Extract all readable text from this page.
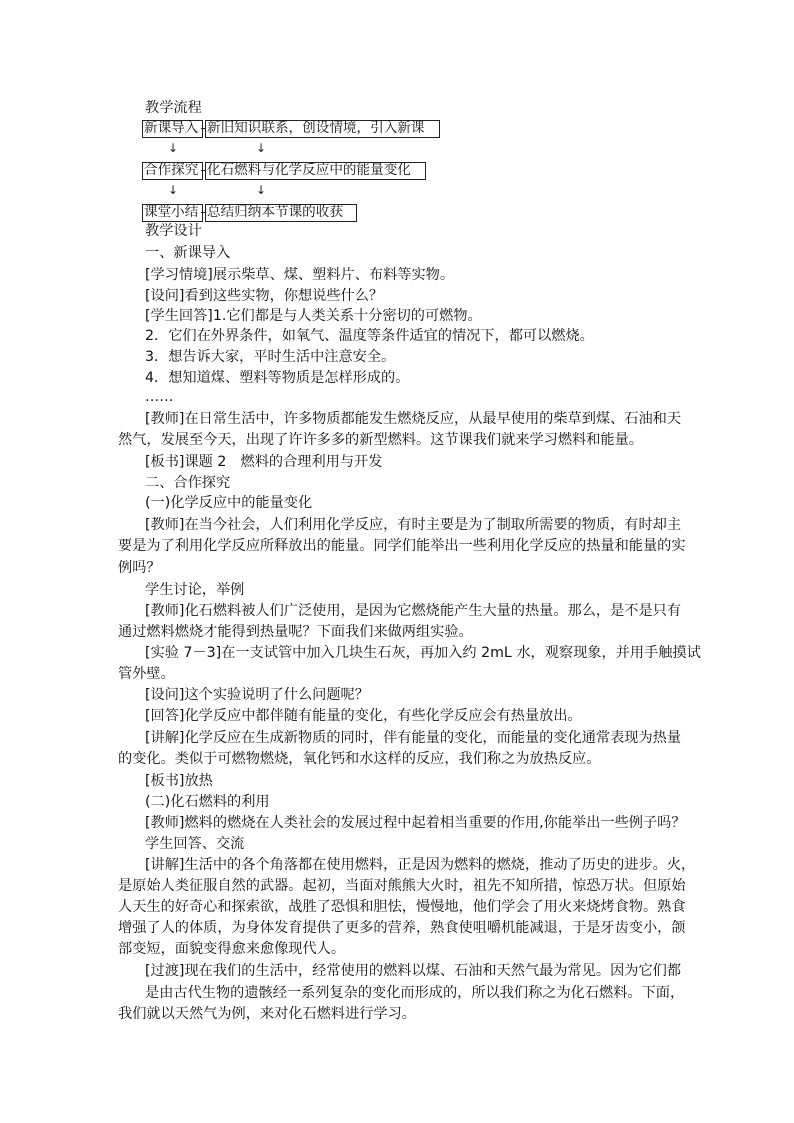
教学流程

新课导入 新旧知识联系，创设情境，引入新课
↓	↓
合作探究 化石燃料与化学反应中的能量变化
↓	↓
课堂小结 总结归纳本节课的收获

教学设计

一、新课导入

[学习情境]展示柴草、煤、塑料片、布料等实物。

[设问]看到这些实物，你想说些什么？

[学生回答]1.它们都是与人类关系十分密切的可燃物。

2．它们在外界条件，如氧气、温度等条件适宜的情况下，都可以燃烧。

3．想告诉大家，平时生活中注意安全。

4．想知道煤、塑料等物质是怎样形成的。

……

[教师]在日常生活中，许多物质都能发生燃烧反应，从最早使用的柴草到煤、石油和天

然气，发展至今天，出现了许许多多的新型燃料。这节课我们就来学习燃料和能量。

[板书]课题 2　燃料的合理利用与开发

二、合作探究

(一)化学反应中的能量变化

[教师]在当今社会，人们利用化学反应，有时主要是为了制取所需要的物质，有时却主

要是为了利用化学反应所释放出的能量。同学们能举出一些利用化学反应的热量和能量的实

例吗？

学生讨论，举例

[教师]化石燃料被人们广泛使用，是因为它燃烧能产生大量的热量。那么，是不是只有

通过燃料燃烧才能得到热量呢？下面我们来做两组实验。

[实验 7－3]在一支试管中加入几块生石灰，再加入约 2mL 水，观察现象，并用手触摸试

管外壁。

[设问]这个实验说明了什么问题呢？

[回答]化学反应中都伴随有能量的变化，有些化学反应会有热量放出。

[讲解]化学反应在生成新物质的同时，伴有能量的变化，而能量的变化通常表现为热量

的变化。类似于可燃物燃烧，氧化钙和水这样的反应，我们称之为放热反应。

[板书]放热

(二)化石燃料的利用

[教师]燃料的燃烧在人类社会的发展过程中起着相当重要的作用,你能举出一些例子吗？

学生回答、交流

[讲解]生活中的各个角落都在使用燃料，正是因为燃料的燃烧，推动了历史的进步。火，

是原始人类征服自然的武器。起初，当面对熊熊大火时，祖先不知所措，惊恐万状。但原始

人天生的好奇心和探索欲，战胜了恐惧和胆怯，慢慢地，他们学会了用火来烧烤食物。熟食

增强了人的体质，为身体发育提供了更多的营养，熟食使咀嚼机能减退，于是牙齿变小，颌

部变短，面貌变得愈来愈像现代人。

[过渡]现在我们的生活中，经常使用的燃料以煤、石油和天然气最为常见。因为它们都

是由古代生物的遗骸经一系列复杂的变化而形成的，所以我们称之为化石燃料。下面，

我们就以天然气为例，来对化石燃料进行学习。
